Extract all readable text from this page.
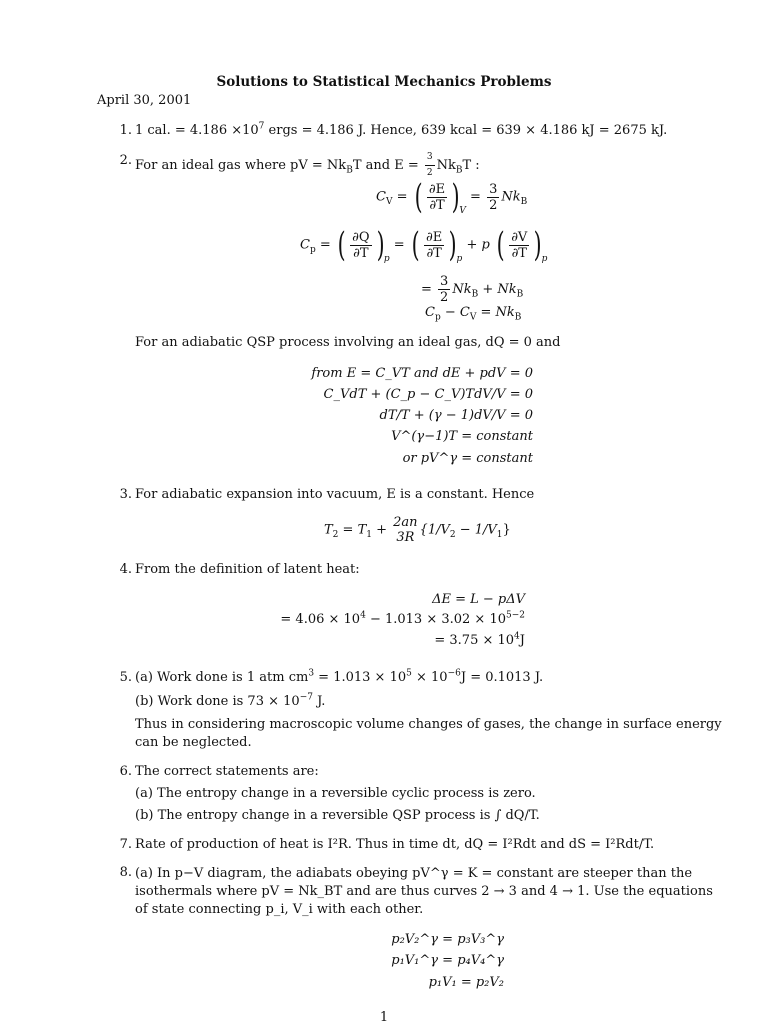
Solutions to Statistical Mechanics Problems
April 30, 2001
1. 1 cal. = $4.186 \times 10^7$ ergs = 4.186 J. Hence, 639 kcal = 639 × 4.186 kJ = 2675 kJ.
2. For an ideal gas where pV = $Nk_BT$ and $E = \frac{3}{2} Nk_BT$ :
$C_V$ = ( $\frac{\partial E}{\partial T} )_V = \frac{3}{2} Nk_B$
$C_p$ = ( $\frac{\partial Q}{\partial T} )_p$ = ( $\frac{\partial E}{\partial T} )_p + p$ ( $\frac{\partial V}{\partial T} )_p$
= $\frac{3}{2} Nk_B + Nk_B$
$C_p - C_V = Nk_B$
For an adiabatic QSP process involving an ideal gas, dQ = 0 and
from E = C_VT and dE + pdV = 0
C_VdT + (C_p − C_V)TdV/V = 0
dT/T + (γ − 1)dV/V = 0
V^(γ−1)T = constant
or pV^γ = constant
3. For adiabatic expansion into vacuum, E is a constant. Hence
$T_2 = T_1 + 2an$
3R $\{1/V_2 - 1/V_1\}$
4. From the definition of latent heat:
ΔE = L − pΔV
= $4.06 \times 10^4 - 1.013 \times 3.02 \times 10^{5-2}$
= $3.75 \times 10^4J$
5. (a) Work done is 1 atm $cm^3 = 1.013 \times 10^5 \times 10^{-6}J = 0.1013$ J.
(b) Work done is $73 \times 10^{-7}$ J.
Thus in considering macroscopic volume changes of gases, the change in surface energy can be neglected.
6. The correct statements are:
(a) The entropy change in a reversible cyclic process is zero.
(b) The entropy change in a reversible QSP process is ∫ dQ/T.
7. Rate of production of heat is I²R. Thus in time dt, dQ = I²Rdt and dS = I²Rdt/T.
8. (a) In p−V diagram, the adiabats obeying pV^γ = K = constant are steeper than the isothermals where pV = Nk_BT and are thus curves 2 → 3 and 4 → 1. Use the equations of state connecting p_i, V_i with each other.
p₂V₂^γ = p₃V₃^γ
p₁V₁^γ = p₄V₄^γ
p₁V₁ = p₂V₂
1
